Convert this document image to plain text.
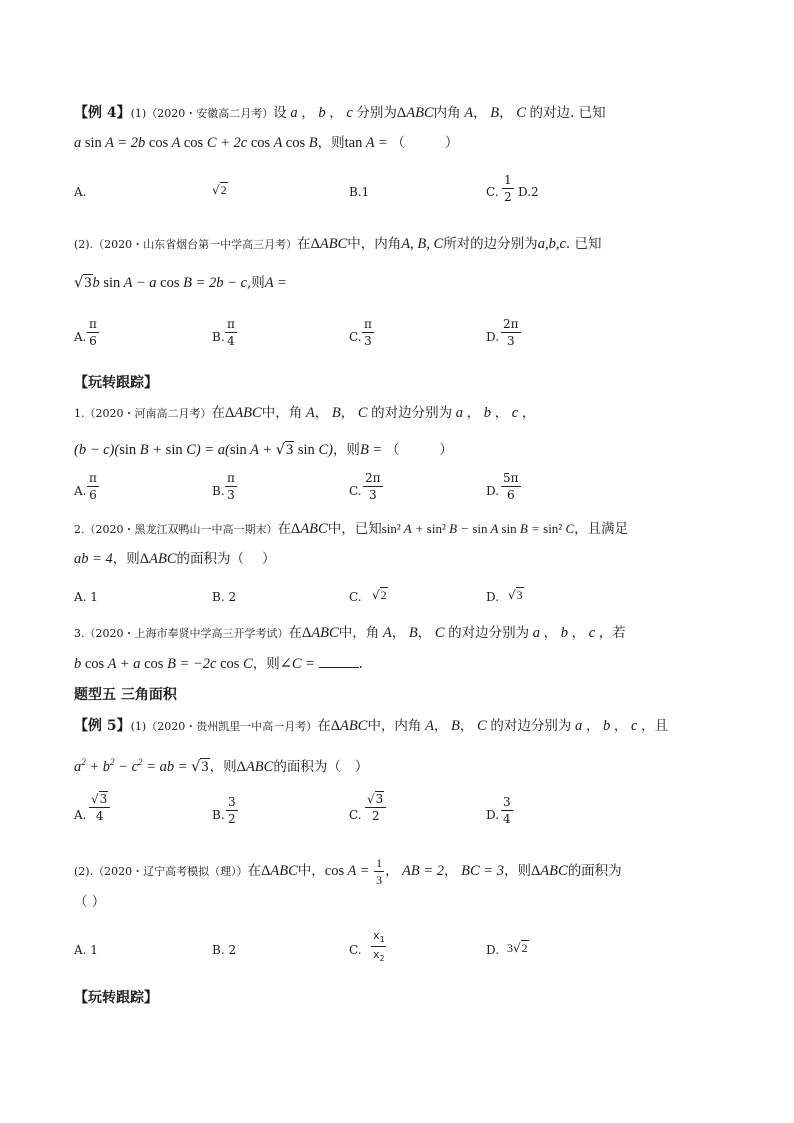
【例 4】(1)（2020・安徽高二月考）设 a ， b ， c 分别为ΔABC内角 A， B， C 的对边. 已知
a sin A = 2b cos A cos C + 2c cos A cos B，则tan A = （	）
A.	√2	B.1	C. $\frac{1}{2} D.2$
(2).（2020・山东省烟台第一中学高三月考）在ΔABC中，内角A, B, C所对的边分别为a,b,c. 已知
√3b sin A − a cos B = 2b − c,则A =
A. $\frac{\pi}{6}$	B. $\frac{\pi}{4}$	C. $\frac{\pi}{3}$	D. $\frac{2\pi}{3}$
【玩转跟踪】
1.（2020・河南高二月考）在ΔABC中，角 A， B， C 的对边分别为 a ， b ， c ，
(b − c)(sin B + sin C) = a(sin A + √3 sin C)，则B = （	）
A. $\frac{\pi}{6}$	B. $\frac{\pi}{3}$	C. $\frac{2\pi}{3}$	D. $\frac{5\pi}{6}$
2.（2020・黑龙江双鸭山一中高一期末）在ΔABC中，已知sin² A + sin² B − sin A sin B = sin² C，且满足
ab = 4，则ΔABC的面积为（ ）
A. 1	B. 2	C. √2	D. √3
3.（2020・上海市奉贤中学高三开学考试）在ΔABC中，角 A， B， C 的对边分别为 a ， b ， c ，若
b cos A + a cos B = −2c cos C，则∠C =	.
题型五 三角面积
【例 5】(1)（2020・贵州凯里一中高一月考）在ΔABC中，内角 A， B， C 的对边分别为 a ， b ， c ，且
$a^2 + b^2 - c^2$ = ab = √3，则ΔABC的面积为（ ）
A. $\frac{√3}{4}$	B. $\frac{3}{2}$	C. $\frac{√3}{2}$	D. $\frac{3}{4}$
(2).（2020・辽宁高考模拟（理））在ΔABC中，$\cos A = \frac{1}{3}$ ， AB = 2， BC = 3，则ΔABC的面积为
（ ）
A. 1	B. 2	C. $\frac{x_1}{x_2}$	D. 3√2
【玩转跟踪】
